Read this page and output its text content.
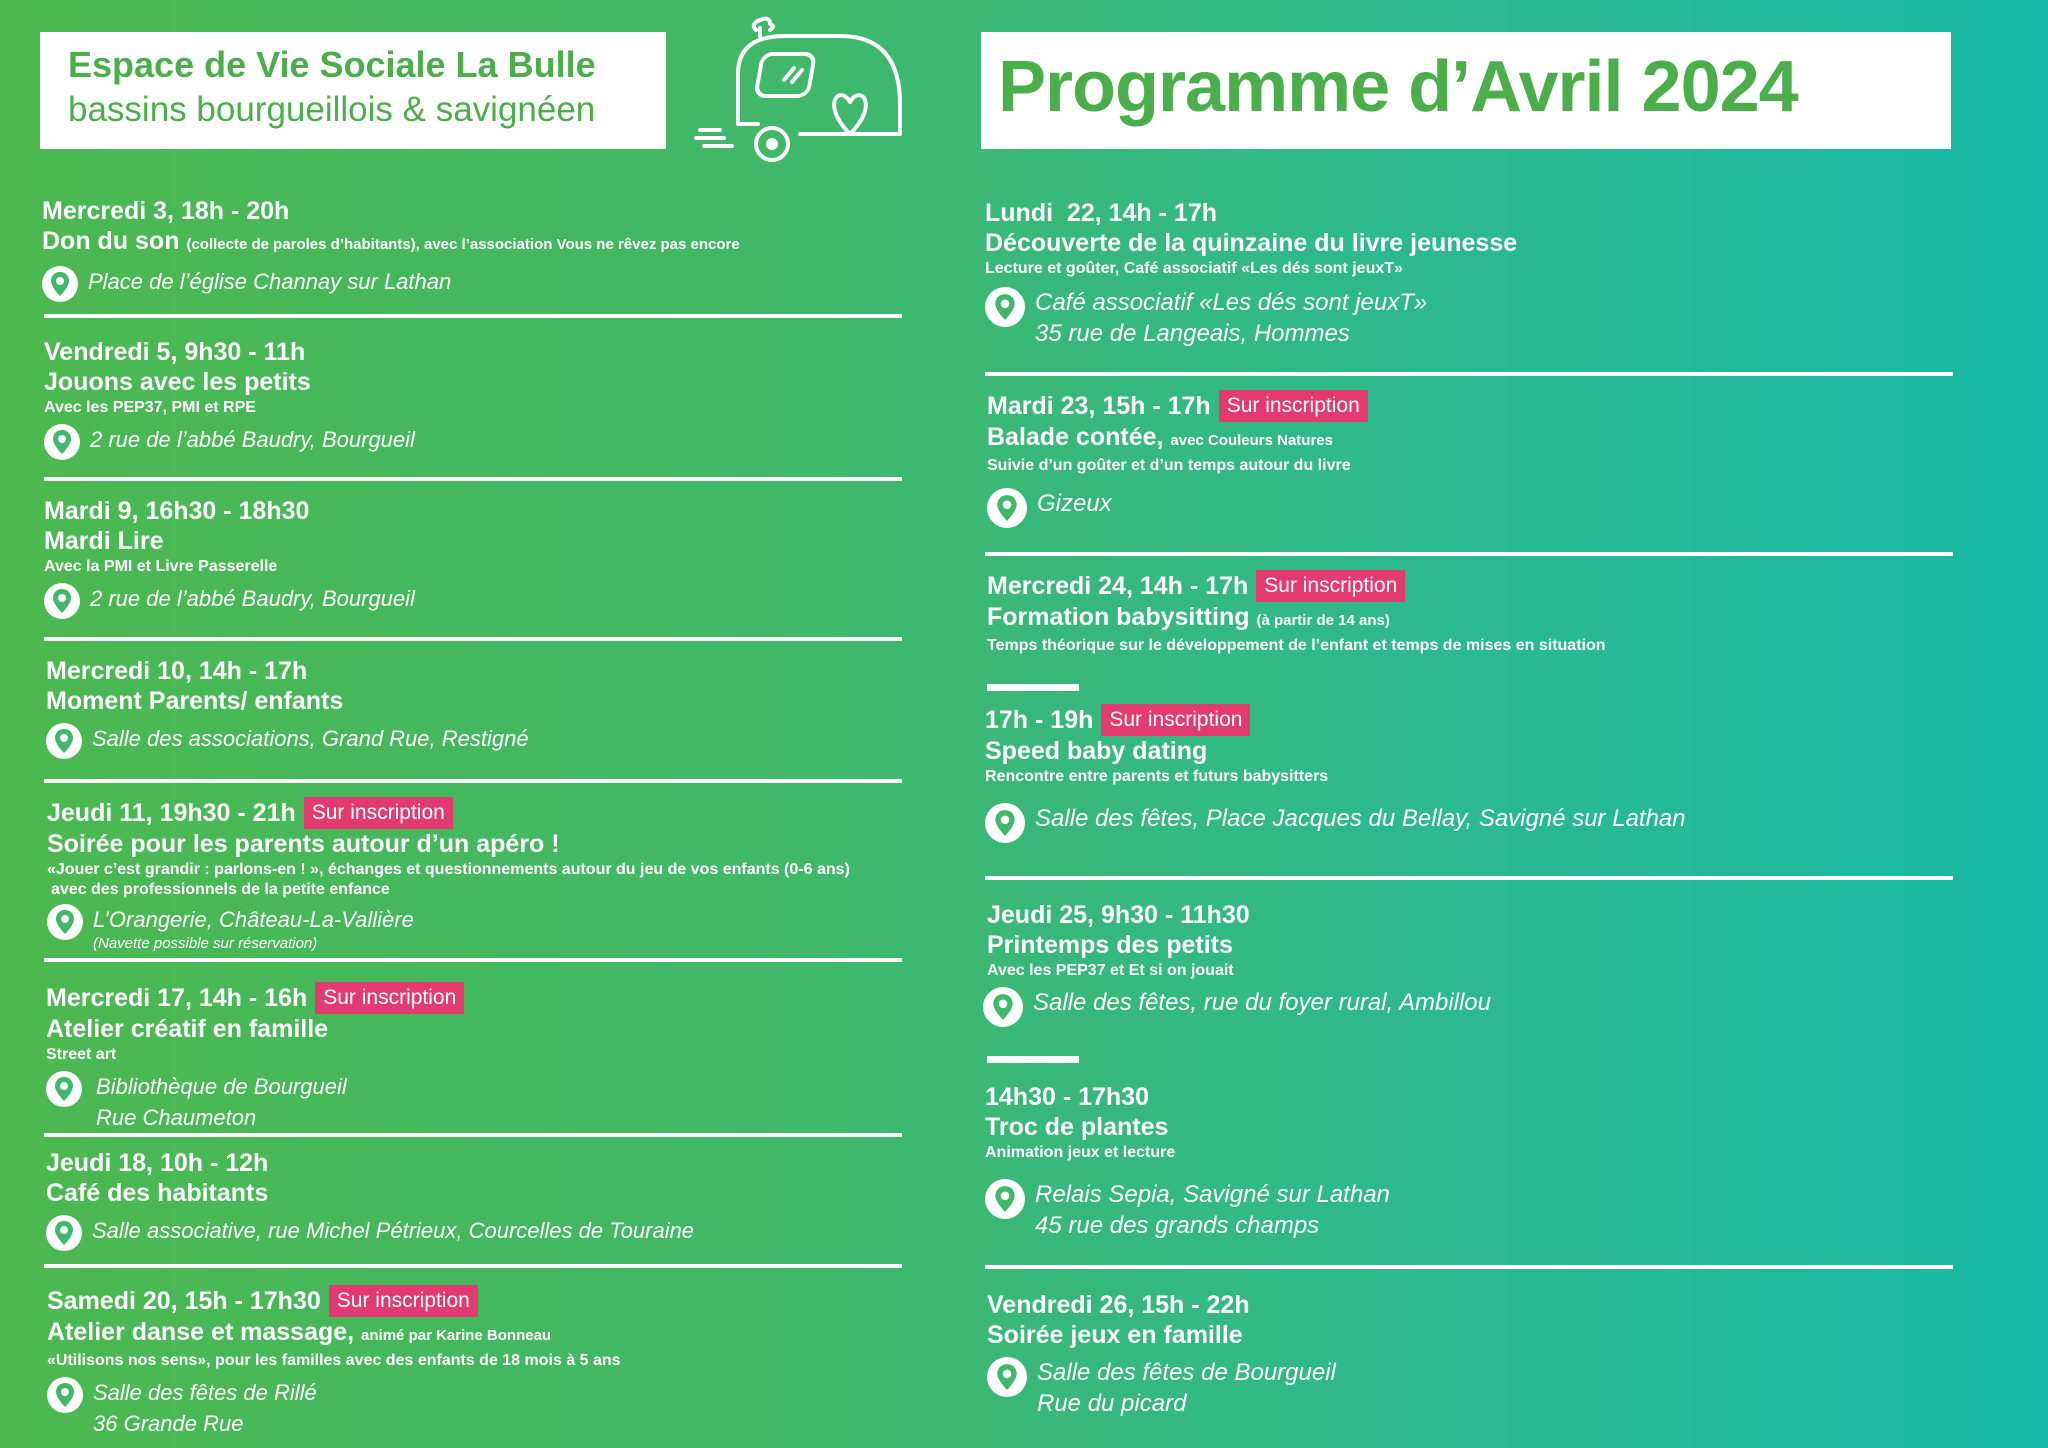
Espace de Vie Sociale La Bulle
bassins bourgueillois & savignéen	Programme d’Avril 2024
Mercredi 3, 18h - 20h
Don du son (collecte de paroles d’habitants), avec l’association Vous ne rêvez pas encore
Place de l’église Channay sur Lathan
Vendredi 5, 9h30 - 11h
Jouons avec les petits
Avec les PEP37, PMI et RPE
2 rue de l’abbé Baudry, Bourgueil
Mardi 9, 16h30 - 18h30
Mardi Lire
Avec la PMI et Livre Passerelle
2 rue de l’abbé Baudry, Bourgueil
Mercredi 10, 14h - 17h
Moment Parents/ enfants
Salle des associations, Grand Rue, Restigné
Jeudi 11, 19h30 - 21h Sur inscription
Soirée pour les parents autour d’un apéro !
«Jouer c’est grandir : parlons-en ! », échanges et questionnements autour du jeu de vos enfants (0-6 ans)
avec des professionnels de la petite enfance
L’Orangerie, Château-La-Vallière
(Navette possible sur réservation)
Mercredi 17, 14h - 16h Sur inscription
Atelier créatif en famille
Street art
Bibliothèque de Bourgueil
Rue Chaumeton
Jeudi 18, 10h - 12h
Café des habitants
Salle associative, rue Michel Pétrieux, Courcelles de Touraine
Samedi 20, 15h - 17h30 Sur inscription
Atelier danse et massage, animé par Karine Bonneau
«Utilisons nos sens», pour les familles avec des enfants de 18 mois à 5 ans
Salle des fêtes de Rillé
36 Grande Rue
Lundi  22, 14h - 17h
Découverte de la quinzaine du livre jeunesse
Lecture et goûter, Café associatif «Les dés sont jeuxT»
Café associatif «Les dés sont jeuxT»
35 rue de Langeais, Hommes
Mardi 23, 15h - 17h Sur inscription
Balade contée, avec Couleurs Natures
Suivie d’un goûter et d’un temps autour du livre
Gizeux
Mercredi 24, 14h - 17h Sur inscription
Formation babysitting (à partir de 14 ans)
Temps théorique sur le développement de l’enfant et temps de mises en situation
17h - 19h Sur inscription
Speed baby dating
Rencontre entre parents et futurs babysitters
Salle des fêtes, Place Jacques du Bellay, Savigné sur Lathan
Jeudi 25, 9h30 - 11h30
Printemps des petits
Avec les PEP37 et Et si on jouait
Salle des fêtes, rue du foyer rural, Ambillou
14h30 - 17h30
Troc de plantes
Animation jeux et lecture
Relais Sepia, Savigné sur Lathan
45 rue des grands champs
Vendredi 26, 15h - 22h
Soirée jeux en famille
Salle des fêtes de Bourgueil
Rue du picard
